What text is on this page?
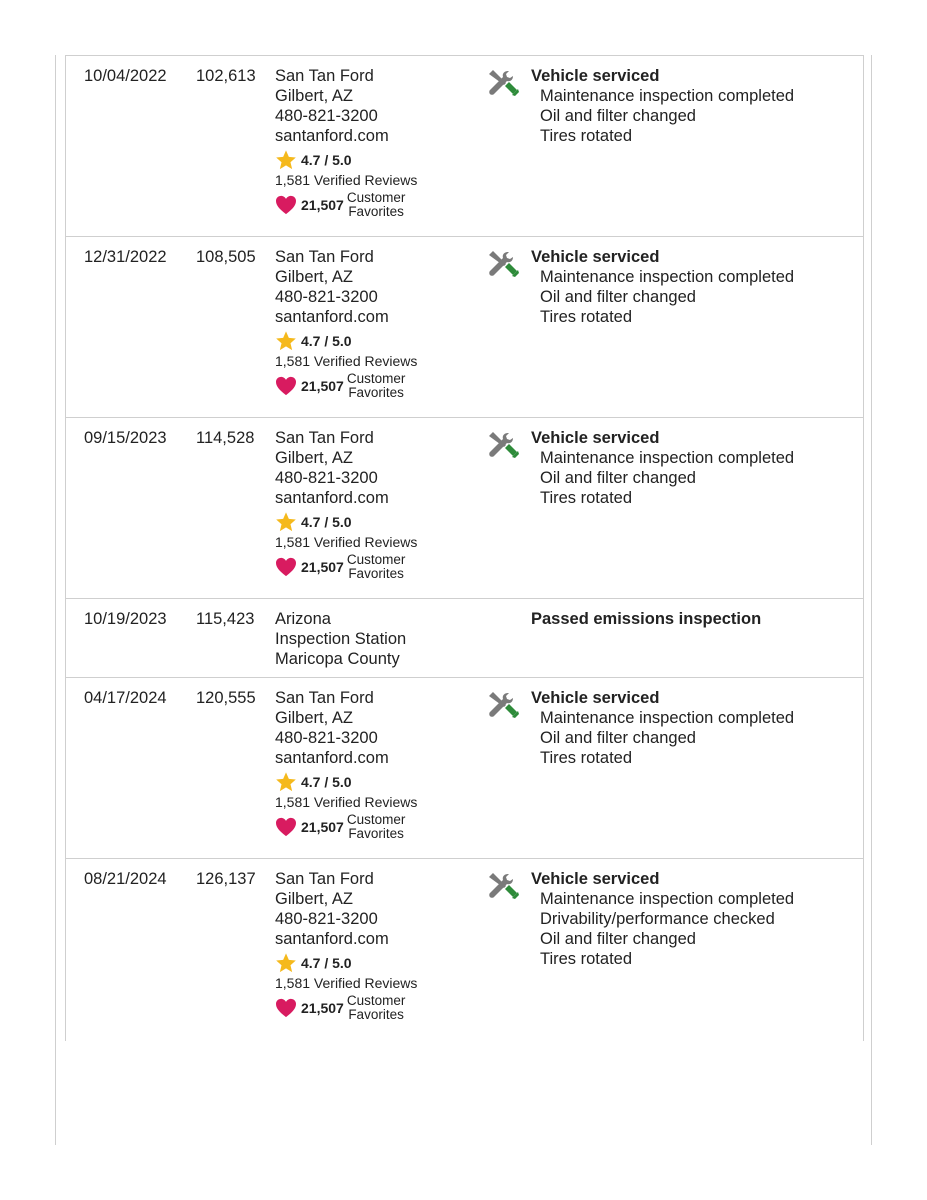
10/04/2022 102,613 San Tan Ford
Gilbert, AZ
480-821-3200
santanford.com
4.7 / 5.0
1,581 Verified Reviews
21,507 Customer
Favorites
Vehicle serviced
Maintenance inspection completed
Oil and filter changed
Tires rotated
12/31/2022 108,505 San Tan Ford
Gilbert, AZ
480-821-3200
santanford.com
4.7 / 5.0
1,581 Verified Reviews
21,507 Customer
Favorites
Vehicle serviced
Maintenance inspection completed
Oil and filter changed
Tires rotated
09/15/2023 114,528 San Tan Ford
Gilbert, AZ
480-821-3200
santanford.com
4.7 / 5.0
1,581 Verified Reviews
21,507 Customer
Favorites
Vehicle serviced
Maintenance inspection completed
Oil and filter changed
Tires rotated
10/19/2023 115,423 Arizona
Inspection Station
Maricopa County
Passed emissions inspection
04/17/2024 120,555 San Tan Ford
Gilbert, AZ
480-821-3200
santanford.com
4.7 / 5.0
1,581 Verified Reviews
21,507 Customer
Favorites
Vehicle serviced
Maintenance inspection completed
Oil and filter changed
Tires rotated
08/21/2024 126,137 San Tan Ford
Gilbert, AZ
480-821-3200
santanford.com
4.7 / 5.0
1,581 Verified Reviews
21,507 Customer
Favorites
Vehicle serviced
Maintenance inspection completed
Drivability/performance checked
Oil and filter changed
Tires rotated
